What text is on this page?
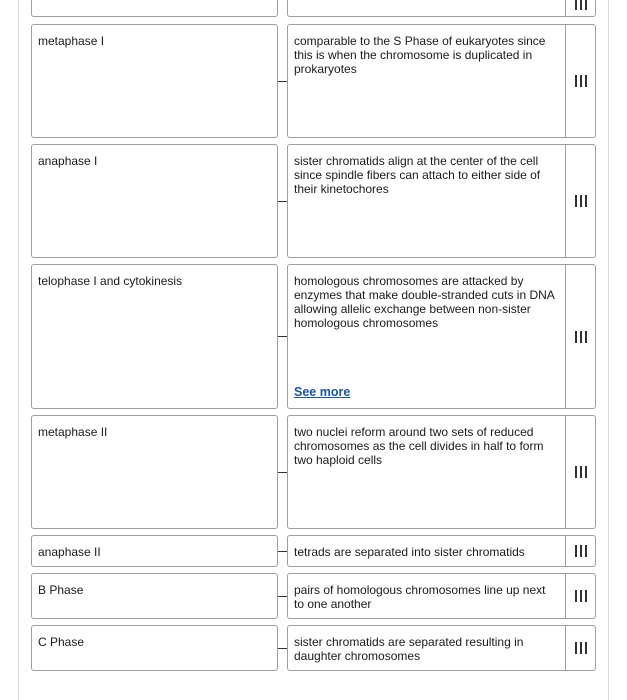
metaphase I	comparable to the S Phase of eukaryotes since this is when the chromosome is duplicated in prokaryotes
anaphase I	sister chromatids align at the center of the cell since spindle fibers can attach to either side of their kinetochores
telophase I and cytokinesis	homologous chromosomes are attacked by enzymes that make double-stranded cuts in DNA allowing allelic exchange between non-sister homologous chromosomes
See more
metaphase II	two nuclei reform around two sets of reduced chromosomes as the cell divides in half to form two haploid cells
anaphase II	tetrads are separated into sister chromatids
B Phase	pairs of homologous chromosomes line up next to one another
C Phase	sister chromatids are separated resulting in daughter chromosomes
